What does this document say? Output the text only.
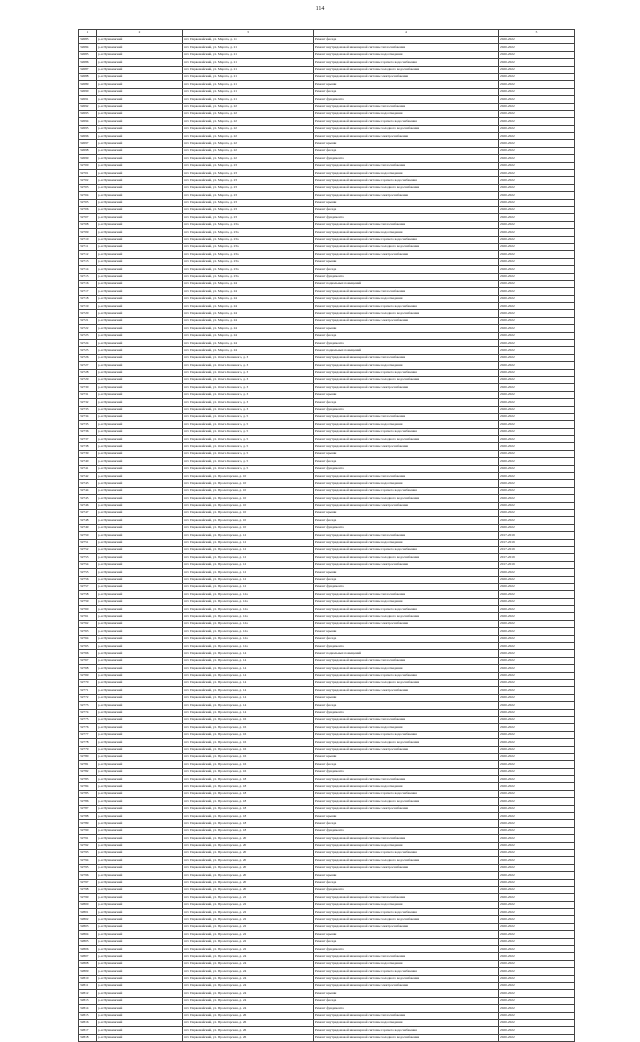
114
1	2	3	4	5
32683	р-н Пушкинский	пгт. Первомайский, ул. Марата, д. 11	Ремонт фасада	2020-2022
32684	р-н Пушкинский	пгт. Первомайский, ул. Марата, д. 21	Ремонт внутридомовой инженерной системы теплоснабжения	2020-2022
32685	р-н Пушкинский	пгт. Первомайский, ул. Марата, д. 21	Ремонт внутридомовой инженерной системы водоотведения	2020-2022
32686	р-н Пушкинский	пгт. Первомайский, ул. Марата, д. 21	Ремонт внутридомовой инженерной системы горячего водоснабжения	2020-2022
32687	р-н Пушкинский	пгт. Первомайский, ул. Марата, д. 21	Ремонт внутридомовой инженерной системы холодного водоснабжения	2020-2022
32688	р-н Пушкинский	пгт. Первомайский, ул. Марата, д. 21	Ремонт внутридомовой инженерной системы электроснабжения	2020-2022
32689	р-н Пушкинский	пгт. Первомайский, ул. Марата, д. 21	Ремонт крыши	2020-2022
32690	р-н Пушкинский	пгт. Первомайский, ул. Марата, д. 21	Ремонт фасада	2020-2022
32691	р-н Пушкинский	пгт. Первомайский, ул. Марата, д. 21	Ремонт фундамента	2020-2022
32692	р-н Пушкинский	пгт. Первомайский, ул. Марата, д. 22	Ремонт внутридомовой инженерной системы теплоснабжения	2020-2022
32693	р-н Пушкинский	пгт. Первомайский, ул. Марата, д. 22	Ремонт внутридомовой инженерной системы водоотведения	2020-2022
32694	р-н Пушкинский	пгт. Первомайский, ул. Марата, д. 22	Ремонт внутридомовой инженерной системы горячего водоснабжения	2020-2022
32695	р-н Пушкинский	пгт. Первомайский, ул. Марата, д. 22	Ремонт внутридомовой инженерной системы холодного водоснабжения	2020-2022
32696	р-н Пушкинский	пгт. Первомайский, ул. Марата, д. 22	Ремонт внутридомовой инженерной системы электроснабжения	2020-2022
32697	р-н Пушкинский	пгт. Первомайский, ул. Марата, д. 22	Ремонт крыши	2020-2022
32698	р-н Пушкинский	пгт. Первомайский, ул. Марата, д. 22	Ремонт фасада	2020-2022
32699	р-н Пушкинский	пгт. Первомайский, ул. Марата, д. 22	Ремонт фундамента	2020-2022
32700	р-н Пушкинский	пгт. Первомайский, ул. Марата, д. 23	Ремонт внутридомовой инженерной системы теплоснабжения	2020-2022
32701	р-н Пушкинский	пгт. Первомайский, ул. Марата, д. 23	Ремонт внутридомовой инженерной системы водоотведения	2020-2022
32702	р-н Пушкинский	пгт. Первомайский, ул. Марата, д. 23	Ремонт внутридомовой инженерной системы горячего водоснабжения	2020-2022
32703	р-н Пушкинский	пгт. Первомайский, ул. Марата, д. 23	Ремонт внутридомовой инженерной системы холодного водоснабжения	2020-2022
32704	р-н Пушкинский	пгт. Первомайский, ул. Марата, д. 23	Ремонт внутридомовой инженерной системы электроснабжения	2020-2022
32705	р-н Пушкинский	пгт. Первомайский, ул. Марата, д. 23	Ремонт крыши	2020-2022
32706	р-н Пушкинский	пгт. Первомайский, ул. Марата, д. 23	Ремонт фасада	2020-2022
32707	р-н Пушкинский	пгт. Первомайский, ул. Марата, д. 23	Ремонт фундамента	2020-2022
32708	р-н Пушкинский	пгт. Первомайский, ул. Марата, д. 23а	Ремонт внутридомовой инженерной системы теплоснабжения	2020-2022
32709	р-н Пушкинский	пгт. Первомайский, ул. Марата, д. 23а	Ремонт внутридомовой инженерной системы водоотведения	2020-2022
32710	р-н Пушкинский	пгт. Первомайский, ул. Марата, д. 23а	Ремонт внутридомовой инженерной системы горячего водоснабжения	2020-2022
32711	р-н Пушкинский	пгт. Первомайский, ул. Марата, д. 23а	Ремонт внутридомовой инженерной системы холодного водоснабжения	2020-2022
32712	р-н Пушкинский	пгт. Первомайский, ул. Марата, д. 23а	Ремонт внутридомовой инженерной системы электроснабжения	2020-2022
32713	р-н Пушкинский	пгт. Первомайский, ул. Марата, д. 23а	Ремонт крыши	2020-2022
32714	р-н Пушкинский	пгт. Первомайский, ул. Марата, д. 23а	Ремонт фасада	2020-2022
32715	р-н Пушкинский	пгт. Первомайский, ул. Марата, д. 23а	Ремонт фундамента	2020-2022
32716	р-н Пушкинский	пгт. Первомайский, ул. Марата, д. 24	Ремонт подвальных помещений	2020-2022
32717	р-н Пушкинский	пгт. Первомайский, ул. Марата, д. 24	Ремонт внутридомовой инженерной системы теплоснабжения	2020-2022
32718	р-н Пушкинский	пгт. Первомайский, ул. Марата, д. 24	Ремонт внутридомовой инженерной системы водоотведения	2020-2022
32719	р-н Пушкинский	пгт. Первомайский, ул. Марата, д. 24	Ремонт внутридомовой инженерной системы горячего водоснабжения	2020-2022
32720	р-н Пушкинский	пгт. Первомайский, ул. Марата, д. 24	Ремонт внутридомовой инженерной системы холодного водоснабжения	2020-2022
32721	р-н Пушкинский	пгт. Первомайский, ул. Марата, д. 24	Ремонт внутридомовой инженерной системы электроснабжения	2020-2022
32722	р-н Пушкинский	пгт. Первомайский, ул. Марата, д. 24	Ремонт крыши	2020-2022
32723	р-н Пушкинский	пгт. Первомайский, ул. Марата, д. 24	Ремонт фасада	2020-2022
32724	р-н Пушкинский	пгт. Первомайский, ул. Марата, д. 24	Ремонт фундамента	2020-2022
32725	р-н Пушкинский	пгт. Первомайский, ул. Марата, д. 24	Ремонт подвальных помещений	2020-2022
32726	р-н Пушкинский	пгт. Первомайский, ул. Олега Кошевого, д. 3	Ремонт внутридомовой инженерной системы теплоснабжения	2020-2022
32727	р-н Пушкинский	пгт. Первомайский, ул. Олега Кошевого, д. 3	Ремонт внутридомовой инженерной системы водоотведения	2020-2022
32728	р-н Пушкинский	пгт. Первомайский, ул. Олега Кошевого, д. 3	Ремонт внутридомовой инженерной системы горячего водоснабжения	2020-2022
32729	р-н Пушкинский	пгт. Первомайский, ул. Олега Кошевого, д. 3	Ремонт внутридомовой инженерной системы холодного водоснабжения	2020-2022
32730	р-н Пушкинский	пгт. Первомайский, ул. Олега Кошевого, д. 3	Ремонт внутридомовой инженерной системы электроснабжения	2020-2022
32731	р-н Пушкинский	пгт. Первомайский, ул. Олега Кошевого, д. 3	Ремонт крыши	2020-2022
32732	р-н Пушкинский	пгт. Первомайский, ул. Олега Кошевого, д. 3	Ремонт фасада	2020-2022
32733	р-н Пушкинский	пгт. Первомайский, ул. Олега Кошевого, д. 3	Ремонт фундамента	2020-2022
32734	р-н Пушкинский	пгт. Первомайский, ул. Олега Кошевого, д. 5	Ремонт внутридомовой инженерной системы теплоснабжения	2020-2022
32735	р-н Пушкинский	пгт. Первомайский, ул. Олега Кошевого, д. 5	Ремонт внутридомовой инженерной системы водоотведения	2020-2022
32736	р-н Пушкинский	пгт. Первомайский, ул. Олега Кошевого, д. 5	Ремонт внутридомовой инженерной системы горячего водоснабжения	2020-2022
32737	р-н Пушкинский	пгт. Первомайский, ул. Олега Кошевого, д. 5	Ремонт внутридомовой инженерной системы холодного водоснабжения	2020-2022
32738	р-н Пушкинский	пгт. Первомайский, ул. Олега Кошевого, д. 5	Ремонт внутридомовой инженерной системы электроснабжения	2020-2022
32739	р-н Пушкинский	пгт. Первомайский, ул. Олега Кошевого, д. 5	Ремонт крыши	2020-2022
32740	р-н Пушкинский	пгт. Первомайский, ул. Олега Кошевого, д. 5	Ремонт фасада	2020-2022
32741	р-н Пушкинский	пгт. Первомайский, ул. Олега Кошевого, д. 5	Ремонт фундамента	2020-2022
32742	р-н Пушкинский	пгт. Первомайский, ул. Пролетарская, д. 10	Ремонт внутридомовой инженерной системы теплоснабжения	2020-2022
32743	р-н Пушкинский	пгт. Первомайский, ул. Пролетарская, д. 10	Ремонт внутридомовой инженерной системы водоотведения	2020-2022
32744	р-н Пушкинский	пгт. Первомайский, ул. Пролетарская, д. 10	Ремонт внутридомовой инженерной системы горячего водоснабжения	2020-2022
32745	р-н Пушкинский	пгт. Первомайский, ул. Пролетарская, д. 10	Ремонт внутридомовой инженерной системы холодного водоснабжения	2020-2022
32746	р-н Пушкинский	пгт. Первомайский, ул. Пролетарская, д. 10	Ремонт внутридомовой инженерной системы электроснабжения	2020-2022
32747	р-н Пушкинский	пгт. Первомайский, ул. Пролетарская, д. 10	Ремонт крыши	2020-2022
32748	р-н Пушкинский	пгт. Первомайский, ул. Пролетарская, д. 10	Ремонт фасада	2020-2022
32749	р-н Пушкинский	пгт. Первомайский, ул. Пролетарская, д. 10	Ремонт фундамента	2020-2022
32750	р-н Пушкинский	пгт. Первомайский, ул. Пролетарская, д. 12	Ремонт внутридомовой инженерной системы теплоснабжения	2017-2019
32751	р-н Пушкинский	пгт. Первомайский, ул. Пролетарская, д. 12	Ремонт внутридомовой инженерной системы водоотведения	2017-2019
32752	р-н Пушкинский	пгт. Первомайский, ул. Пролетарская, д. 12	Ремонт внутридомовой инженерной системы горячего водоснабжения	2017-2019
32753	р-н Пушкинский	пгт. Первомайский, ул. Пролетарская, д. 12	Ремонт внутридомовой инженерной системы холодного водоснабжения	2017-2019
32754	р-н Пушкинский	пгт. Первомайский, ул. Пролетарская, д. 12	Ремонт внутридомовой инженерной системы электроснабжения	2017-2019
32755	р-н Пушкинский	пгт. Первомайский, ул. Пролетарская, д. 12	Ремонт крыши	2020-2022
32756	р-н Пушкинский	пгт. Первомайский, ул. Пролетарская, д. 12	Ремонт фасада	2020-2022
32757	р-н Пушкинский	пгт. Первомайский, ул. Пролетарская, д. 12	Ремонт фундамента	2020-2022
32758	р-н Пушкинский	пгт. Первомайский, ул. Пролетарская, д. 12а	Ремонт внутридомовой инженерной системы теплоснабжения	2020-2022
32759	р-н Пушкинский	пгт. Первомайский, ул. Пролетарская, д. 12а	Ремонт внутридомовой инженерной системы водоотведения	2020-2022
32760	р-н Пушкинский	пгт. Первомайский, ул. Пролетарская, д. 12а	Ремонт внутридомовой инженерной системы горячего водоснабжения	2020-2022
32761	р-н Пушкинский	пгт. Первомайский, ул. Пролетарская, д. 12а	Ремонт внутридомовой инженерной системы холодного водоснабжения	2020-2022
32762	р-н Пушкинский	пгт. Первомайский, ул. Пролетарская, д. 12а	Ремонт внутридомовой инженерной системы электроснабжения	2020-2022
32763	р-н Пушкинский	пгт. Первомайский, ул. Пролетарская, д. 12а	Ремонт крыши	2020-2022
32764	р-н Пушкинский	пгт. Первомайский, ул. Пролетарская, д. 12а	Ремонт фасада	2020-2022
32765	р-н Пушкинский	пгт. Первомайский, ул. Пролетарская, д. 12а	Ремонт фундамента	2020-2022
32766	р-н Пушкинский	пгт. Первомайский, ул. Пролетарская, д. 14	Ремонт подвальных помещений	2020-2022
32767	р-н Пушкинский	пгт. Первомайский, ул. Пролетарская, д. 14	Ремонт внутридомовой инженерной системы теплоснабжения	2020-2022
32768	р-н Пушкинский	пгт. Первомайский, ул. Пролетарская, д. 14	Ремонт внутридомовой инженерной системы водоотведения	2020-2022
32769	р-н Пушкинский	пгт. Первомайский, ул. Пролетарская, д. 14	Ремонт внутридомовой инженерной системы горячего водоснабжения	2020-2022
32770	р-н Пушкинский	пгт. Первомайский, ул. Пролетарская, д. 14	Ремонт внутридомовой инженерной системы холодного водоснабжения	2020-2022
32771	р-н Пушкинский	пгт. Первомайский, ул. Пролетарская, д. 14	Ремонт внутридомовой инженерной системы электроснабжения	2020-2022
32772	р-н Пушкинский	пгт. Первомайский, ул. Пролетарская, д. 14	Ремонт крыши	2020-2022
32773	р-н Пушкинский	пгт. Первомайский, ул. Пролетарская, д. 14	Ремонт фасада	2020-2022
32774	р-н Пушкинский	пгт. Первомайский, ул. Пролетарская, д. 14	Ремонт фундамента	2020-2022
32775	р-н Пушкинский	пгт. Первомайский, ул. Пролетарская, д. 16	Ремонт внутридомовой инженерной системы теплоснабжения	2020-2022
32776	р-н Пушкинский	пгт. Первомайский, ул. Пролетарская, д. 16	Ремонт внутридомовой инженерной системы водоотведения	2020-2022
32777	р-н Пушкинский	пгт. Первомайский, ул. Пролетарская, д. 16	Ремонт внутридомовой инженерной системы горячего водоснабжения	2020-2022
32778	р-н Пушкинский	пгт. Первомайский, ул. Пролетарская, д. 16	Ремонт внутридомовой инженерной системы холодного водоснабжения	2020-2022
32779	р-н Пушкинский	пгт. Первомайский, ул. Пролетарская, д. 16	Ремонт внутридомовой инженерной системы электроснабжения	2020-2022
32780	р-н Пушкинский	пгт. Первомайский, ул. Пролетарская, д. 16	Ремонт крыши	2020-2022
32781	р-н Пушкинский	пгт. Первомайский, ул. Пролетарская, д. 16	Ремонт фасада	2020-2022
32782	р-н Пушкинский	пгт. Первомайский, ул. Пролетарская, д. 16	Ремонт фундамента	2020-2022
32783	р-н Пушкинский	пгт. Первомайский, ул. Пролетарская, д. 18	Ремонт внутридомовой инженерной системы теплоснабжения	2020-2022
32784	р-н Пушкинский	пгт. Первомайский, ул. Пролетарская, д. 18	Ремонт внутридомовой инженерной системы водоотведения	2020-2022
32785	р-н Пушкинский	пгт. Первомайский, ул. Пролетарская, д. 18	Ремонт внутридомовой инженерной системы горячего водоснабжения	2020-2022
32786	р-н Пушкинский	пгт. Первомайский, ул. Пролетарская, д. 18	Ремонт внутридомовой инженерной системы холодного водоснабжения	2020-2022
32787	р-н Пушкинский	пгт. Первомайский, ул. Пролетарская, д. 18	Ремонт внутридомовой инженерной системы электроснабжения	2020-2022
32788	р-н Пушкинский	пгт. Первомайский, ул. Пролетарская, д. 18	Ремонт крыши	2020-2022
32789	р-н Пушкинский	пгт. Первомайский, ул. Пролетарская, д. 18	Ремонт фасада	2020-2022
32790	р-н Пушкинский	пгт. Первомайский, ул. Пролетарская, д. 18	Ремонт фундамента	2020-2022
32791	р-н Пушкинский	пгт. Первомайский, ул. Пролетарская, д. 20	Ремонт внутридомовой инженерной системы теплоснабжения	2020-2022
32792	р-н Пушкинский	пгт. Первомайский, ул. Пролетарская, д. 20	Ремонт внутридомовой инженерной системы водоотведения	2020-2022
32793	р-н Пушкинский	пгт. Первомайский, ул. Пролетарская, д. 20	Ремонт внутридомовой инженерной системы горячего водоснабжения	2020-2022
32794	р-н Пушкинский	пгт. Первомайский, ул. Пролетарская, д. 20	Ремонт внутридомовой инженерной системы холодного водоснабжения	2020-2022
32795	р-н Пушкинский	пгт. Первомайский, ул. Пролетарская, д. 20	Ремонт внутридомовой инженерной системы электроснабжения	2020-2022
32796	р-н Пушкинский	пгт. Первомайский, ул. Пролетарская, д. 20	Ремонт крыши	2020-2022
32797	р-н Пушкинский	пгт. Первомайский, ул. Пролетарская, д. 20	Ремонт фасада	2020-2022
32798	р-н Пушкинский	пгт. Первомайский, ул. Пролетарская, д. 20	Ремонт фундамента	2020-2022
32799	р-н Пушкинский	пгт. Первомайский, ул. Пролетарская, д. 22	Ремонт внутридомовой инженерной системы теплоснабжения	2020-2022
32800	р-н Пушкинский	пгт. Первомайский, ул. Пролетарская, д. 22	Ремонт внутридомовой инженерной системы водоотведения	2020-2022
32801	р-н Пушкинский	пгт. Первомайский, ул. Пролетарская, д. 22	Ремонт внутридомовой инженерной системы горячего водоснабжения	2020-2022
32802	р-н Пушкинский	пгт. Первомайский, ул. Пролетарская, д. 22	Ремонт внутридомовой инженерной системы холодного водоснабжения	2020-2022
32803	р-н Пушкинский	пгт. Первомайский, ул. Пролетарская, д. 22	Ремонт внутридомовой инженерной системы электроснабжения	2020-2022
32804	р-н Пушкинский	пгт. Первомайский, ул. Пролетарская, д. 22	Ремонт крыши	2020-2022
32805	р-н Пушкинский	пгт. Первомайский, ул. Пролетарская, д. 22	Ремонт фасада	2020-2022
32806	р-н Пушкинский	пгт. Первомайский, ул. Пролетарская, д. 22	Ремонт фундамента	2020-2022
32807	р-н Пушкинский	пгт. Первомайский, ул. Пролетарская, д. 24	Ремонт внутридомовой инженерной системы теплоснабжения	2020-2022
32808	р-н Пушкинский	пгт. Первомайский, ул. Пролетарская, д. 24	Ремонт внутридомовой инженерной системы водоотведения	2020-2022
32809	р-н Пушкинский	пгт. Первомайский, ул. Пролетарская, д. 24	Ремонт внутридомовой инженерной системы горячего водоснабжения	2020-2022
32810	р-н Пушкинский	пгт. Первомайский, ул. Пролетарская, д. 24	Ремонт внутридомовой инженерной системы холодного водоснабжения	2020-2022
32811	р-н Пушкинский	пгт. Первомайский, ул. Пролетарская, д. 24	Ремонт внутридомовой инженерной системы электроснабжения	2020-2022
32812	р-н Пушкинский	пгт. Первомайский, ул. Пролетарская, д. 24	Ремонт крыши	2020-2022
32813	р-н Пушкинский	пгт. Первомайский, ул. Пролетарская, д. 24	Ремонт фасада	2020-2022
32814	р-н Пушкинский	пгт. Первомайский, ул. Пролетарская, д. 24	Ремонт фундамента	2020-2022
32815	р-н Пушкинский	пгт. Первомайский, ул. Пролетарская, д. 26	Ремонт внутридомовой инженерной системы теплоснабжения	2020-2022
32816	р-н Пушкинский	пгт. Первомайский, ул. Пролетарская, д. 26	Ремонт внутридомовой инженерной системы водоотведения	2020-2022
32817	р-н Пушкинский	пгт. Первомайский, ул. Пролетарская, д. 26	Ремонт внутридомовой инженерной системы горячего водоснабжения	2020-2022
32818	р-н Пушкинский	пгт. Первомайский, ул. Пролетарская, д. 26	Ремонт внутридомовой инженерной системы холодного водоснабжения	2020-2022
